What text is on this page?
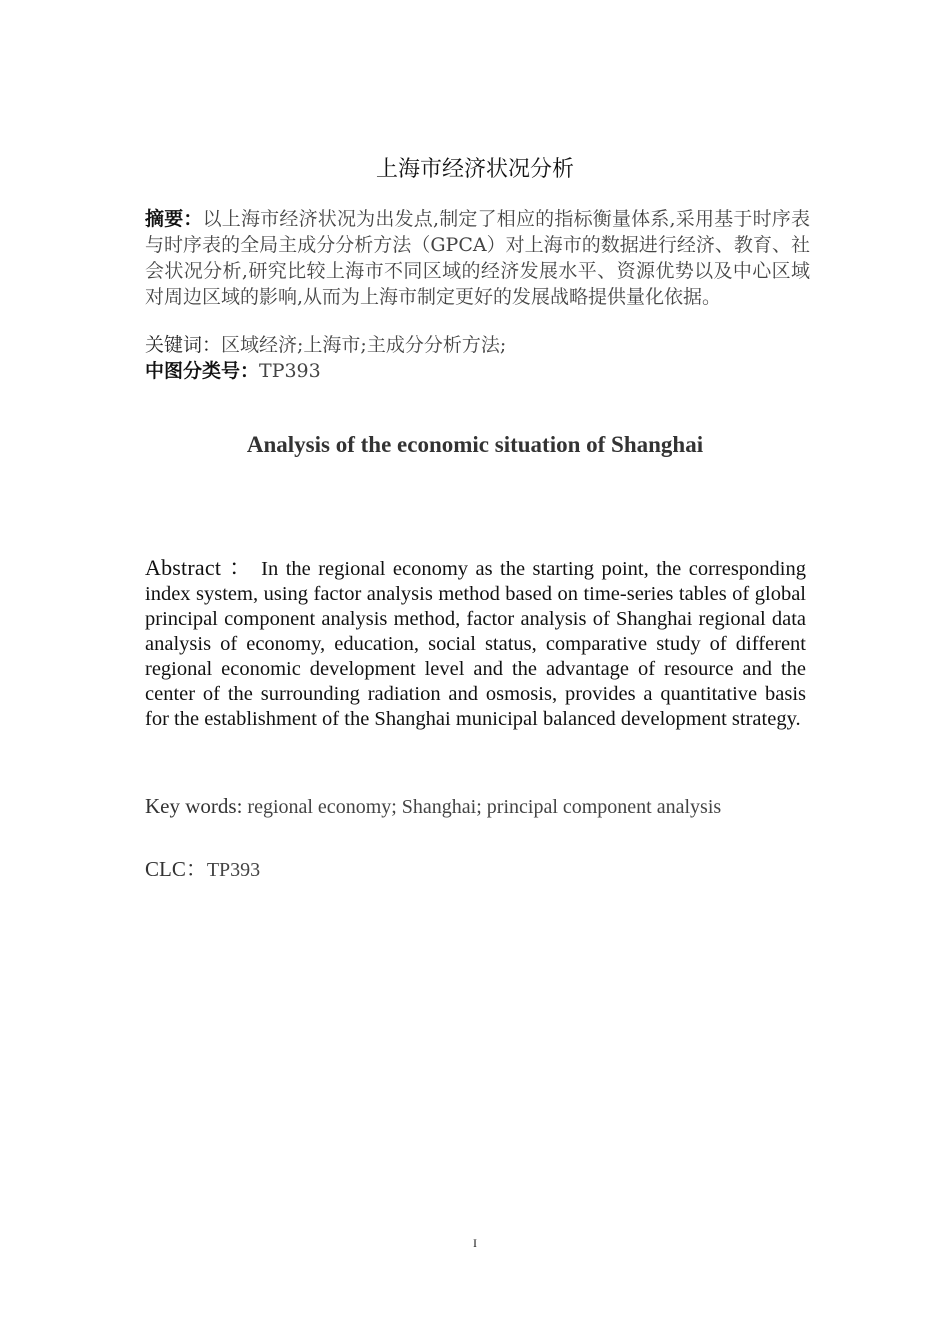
上海市经济状况分析
摘要：以上海市经济状况为出发点,制定了相应的指标衡量体系,采用基于时序表与时序表的全局主成分分析方法（GPCA）对上海市的数据进行经济、教育、社会状况分析,研究比较上海市不同区域的经济发展水平、资源优势以及中心区域对周边区域的影响,从而为上海市制定更好的发展战略提供量化依据。
关键词：区域经济;上海市;主成分分析方法;
中图分类号：TP393
Analysis of the economic situation of Shanghai
Abstract ： In the regional economy as the starting point, the corresponding index system, using factor analysis method based on time-series tables of global principal component analysis method, factor analysis of Shanghai regional data analysis of economy, education, social status, comparative study of different regional economic development level and the advantage of resource and the center of the surrounding radiation and osmosis, provides a quantitative basis for the establishment of the Shanghai municipal balanced development strategy.
Key words: regional economy; Shanghai; principal component analysis
CLC：TP393
I
